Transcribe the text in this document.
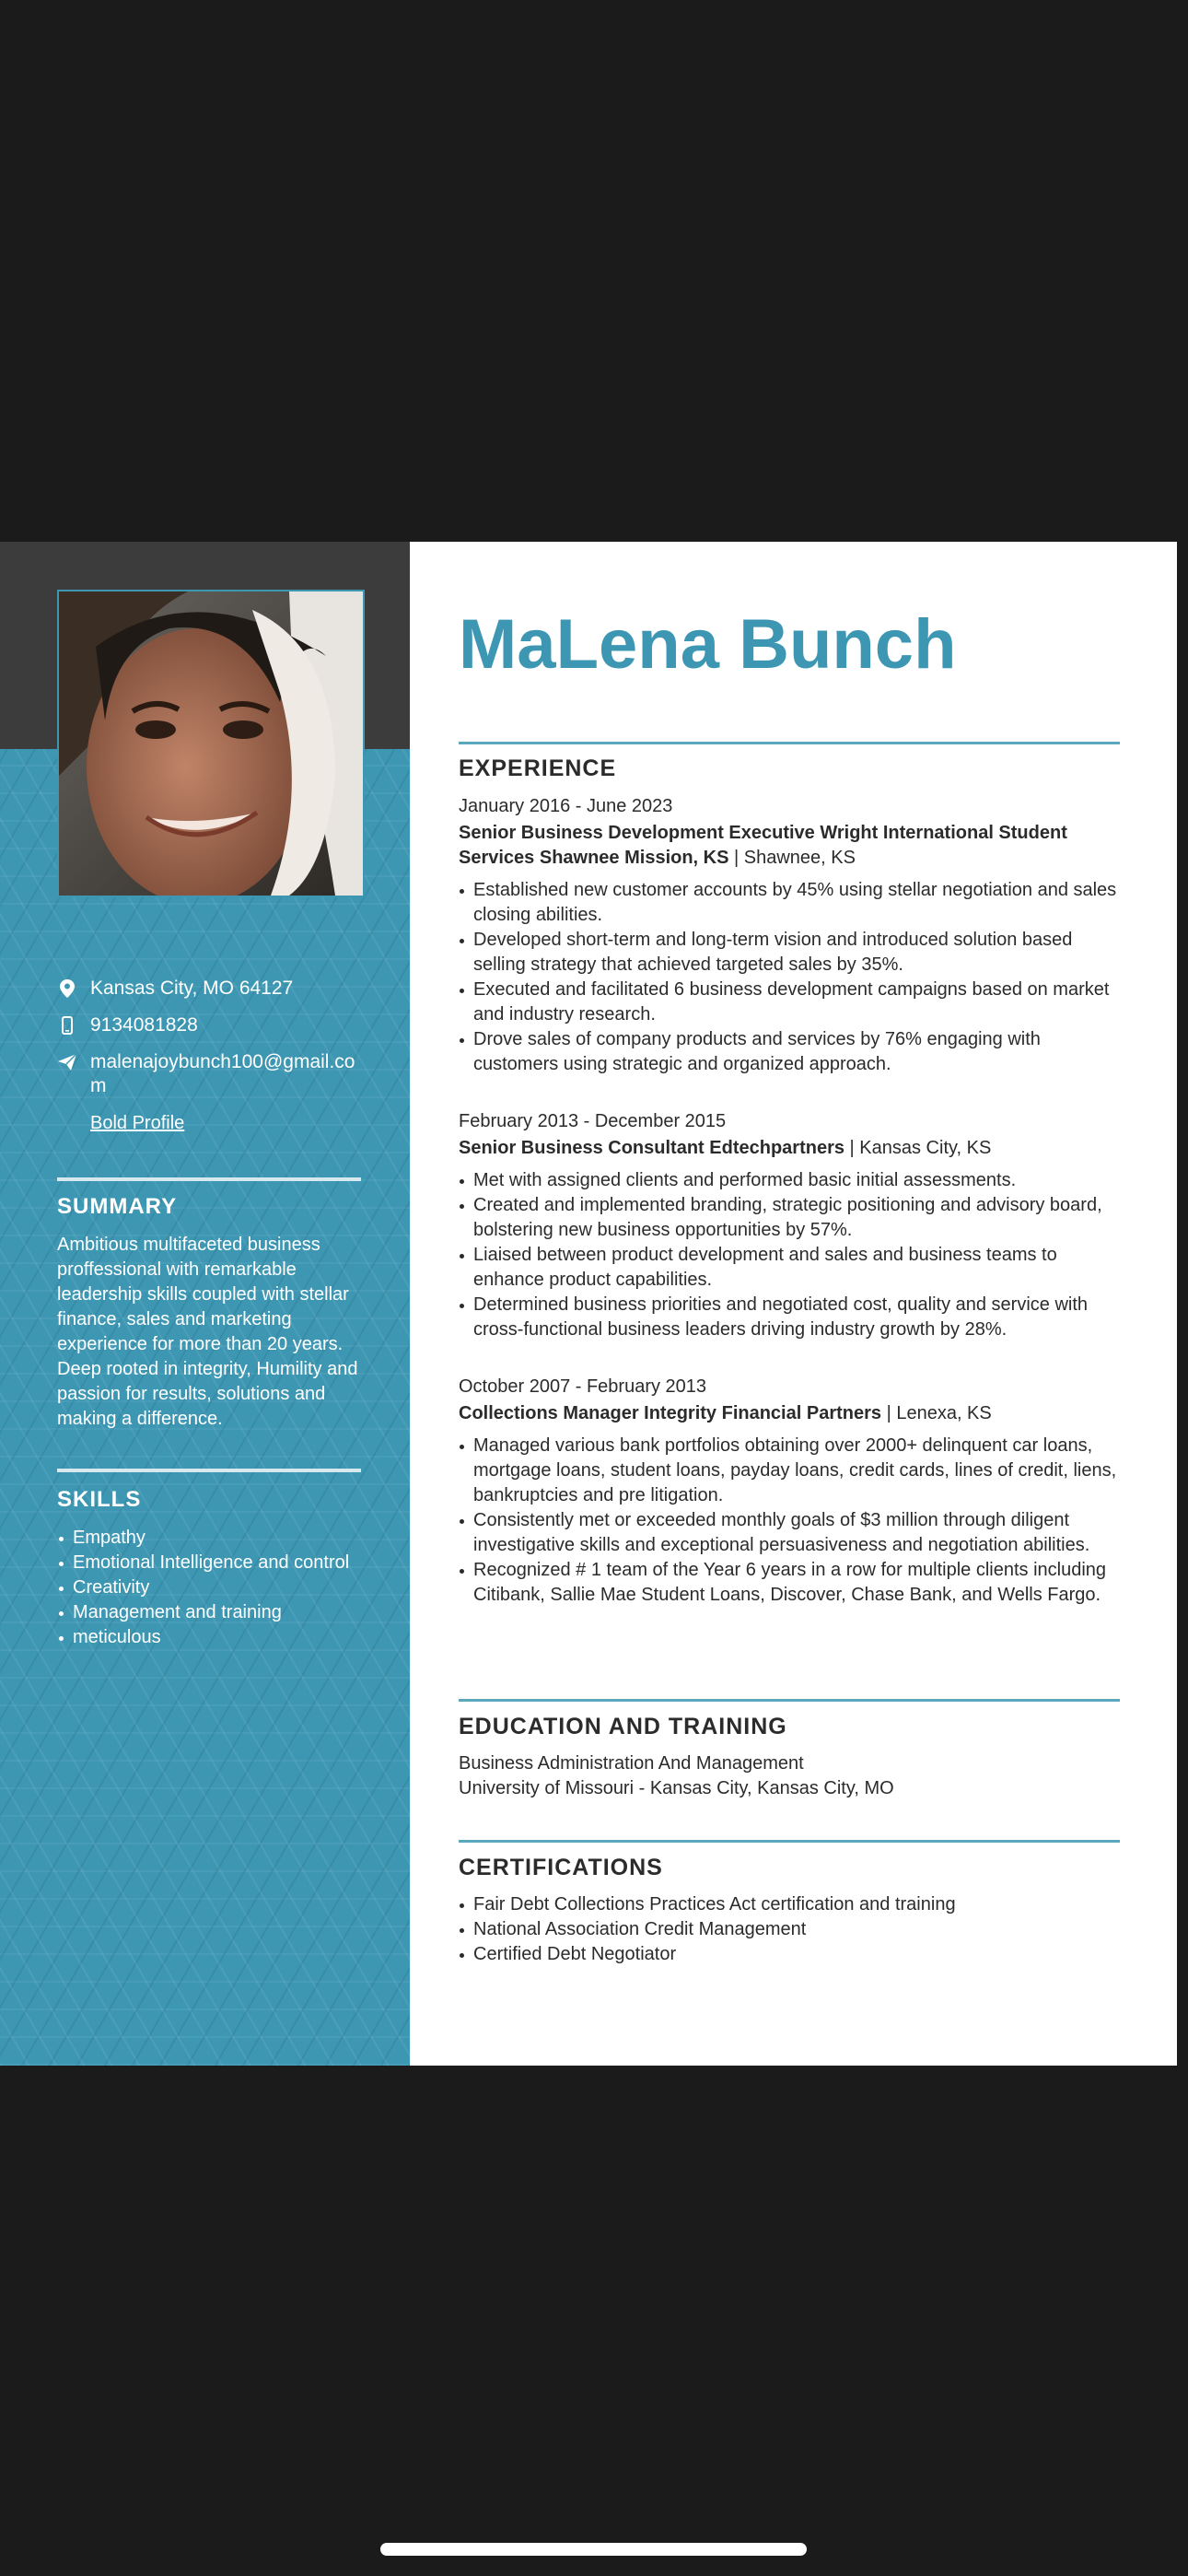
Kansas City, MO 64127
9134081828
malenajoybunch100@gmail.com
Bold Profile
SUMMARY
Ambitious multifaceted business proffessional with remarkable leadership skills coupled with stellar finance, sales and marketing experience for more than 20 years. Deep rooted in integrity, Humility and passion for results, solutions and making a difference.
SKILLS
Empathy
Emotional Intelligence and control
Creativity
Management and training
meticulous
MaLena Bunch
EXPERIENCE
January 2016 - June 2023
Senior Business Development Executive Wright International Student Services Shawnee Mission, KS | Shawnee, KS
Established new customer accounts by 45% using stellar negotiation and sales closing abilities.
Developed short-term and long-term vision and introduced solution based selling strategy that achieved targeted sales by 35%.
Executed and facilitated 6 business development campaigns based on market and industry research.
Drove sales of company products and services by 76% engaging with customers using strategic and organized approach.
February 2013 - December 2015
Senior Business Consultant Edtechpartners | Kansas City, KS
Met with assigned clients and performed basic initial assessments.
Created and implemented branding, strategic positioning and advisory board, bolstering new business opportunities by 57%.
Liaised between product development and sales and business teams to enhance product capabilities.
Determined business priorities and negotiated cost, quality and service with cross-functional business leaders driving industry growth by 28%.
October 2007 - February 2013
Collections Manager Integrity Financial Partners | Lenexa, KS
Managed various bank portfolios obtaining over 2000+ delinquent car loans, mortgage loans, student loans, payday loans, credit cards, lines of credit, liens, bankruptcies and pre litigation.
Consistently met or exceeded monthly goals of $3 million through diligent investigative skills and exceptional persuasiveness and negotiation abilities.
Recognized # 1 team of the Year 6 years in a row for multiple clients including Citibank, Sallie Mae Student Loans, Discover, Chase Bank, and Wells Fargo.
EDUCATION AND TRAINING
Business Administration And Management
University of Missouri - Kansas City, Kansas City, MO
CERTIFICATIONS
Fair Debt Collections Practices Act certification and training
National Association Credit Management
Certified Debt Negotiator
